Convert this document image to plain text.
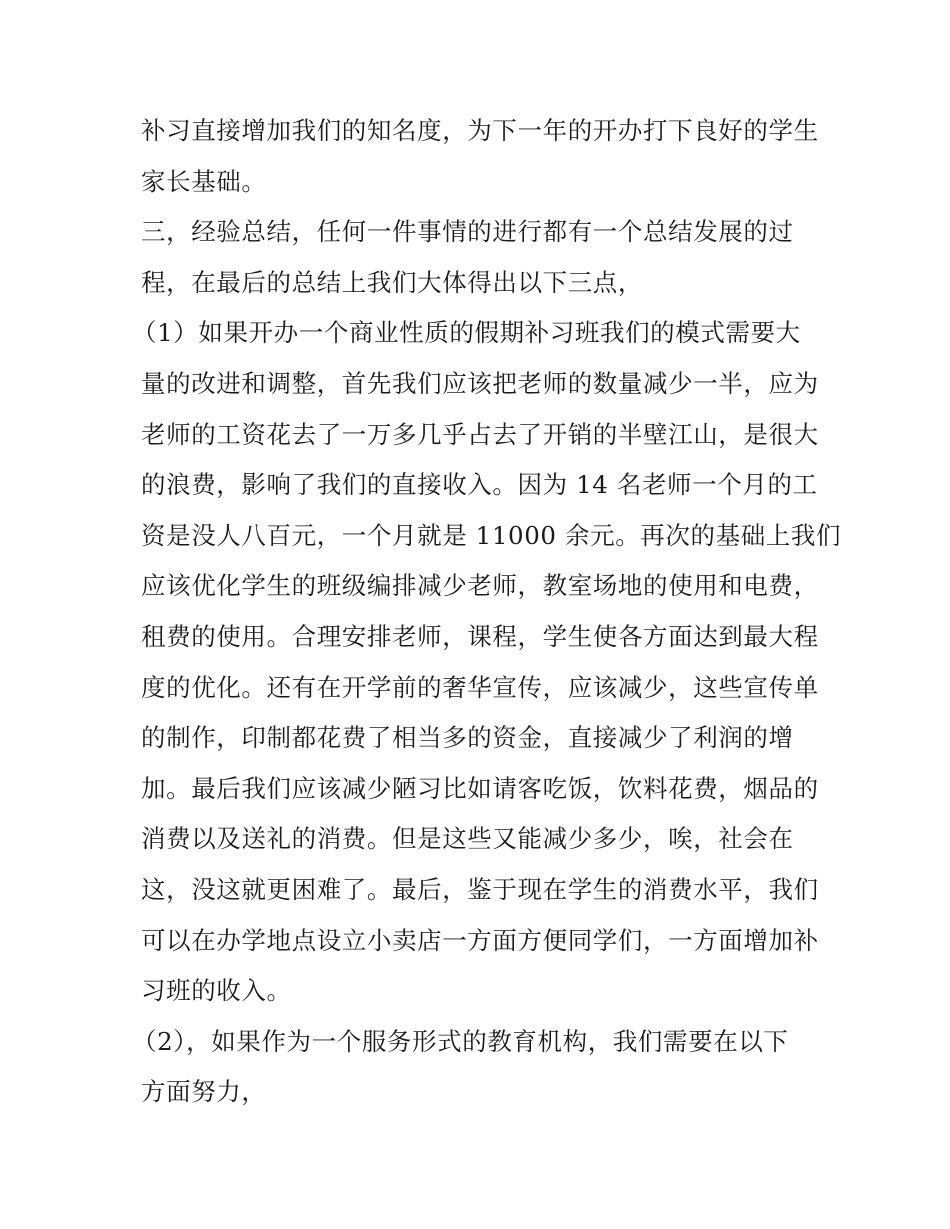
补习直接增加我们的知名度，为下一年的开办打下良好的学生
家长基础。
三，经验总结，任何一件事情的进行都有一个总结发展的过
程，在最后的总结上我们大体得出以下三点，
（1）如果开办一个商业性质的假期补习班我们的模式需要大
量的改进和调整，首先我们应该把老师的数量减少一半，应为
老师的工资花去了一万多几乎占去了开销的半壁江山，是很大
的浪费，影响了我们的直接收入。因为 14 名老师一个月的工
资是没人八百元，一个月就是 11000 余元。再次的基础上我们
应该优化学生的班级编排减少老师，教室场地的使用和电费，
租费的使用。合理安排老师，课程，学生使各方面达到最大程
度的优化。还有在开学前的奢华宣传，应该减少，这些宣传单
的制作，印制都花费了相当多的资金，直接减少了利润的增
加。最后我们应该减少陋习比如请客吃饭，饮料花费，烟品的
消费以及送礼的消费。但是这些又能减少多少，唉，社会在
这，没这就更困难了。最后，鉴于现在学生的消费水平，我们
可以在办学地点设立小卖店一方面方便同学们，一方面增加补
习班的收入。
（2），如果作为一个服务形式的教育机构，我们需要在以下
方面努力，
